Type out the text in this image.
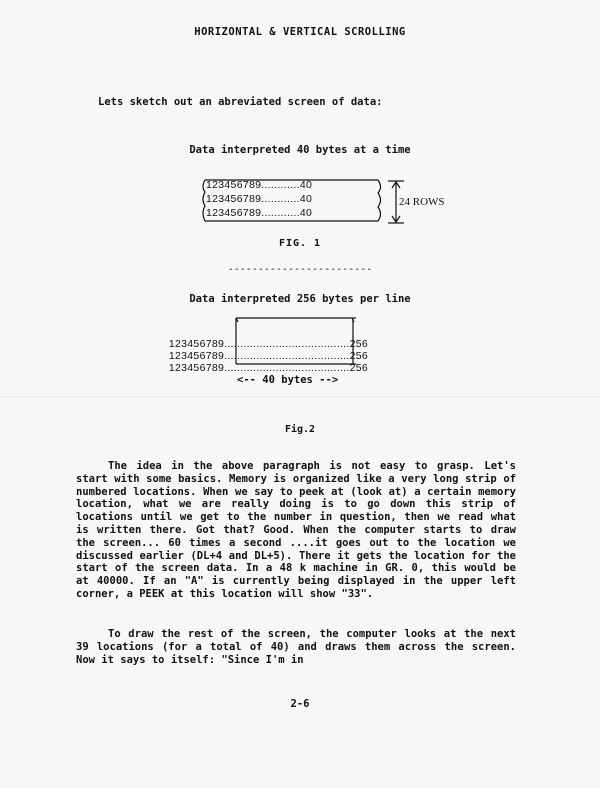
HORIZONTAL & VERTICAL SCROLLING
Lets sketch out an abreviated screen of data:
Data interpreted 40 bytes at a time
123456789............40
123456789............40
123456789............40
24 ROWS
FIG. 1
------------------------
Data interpreted 256 bytes per line

123456789.......................................256

123456789.......................................256

123456789.......................................256

<-- 40 bytes -->
Fig.2

The idea in the above paragraph is not easy to grasp. Let's start with some basics. Memory is organized like a very long strip of numbered locations. When we say to peek at (look at) a certain memory location, what we are really doing is to go down this strip of locations until we get to the number in question, then we read what is written there. Got that? Good. When the computer starts to draw the screen... 60 times a second ....it goes out to the location we discussed earlier (DL+4 and DL+5). There it gets the location for the start of the screen data. In a 48 k machine in GR. 0, this would be at 40000. If an "A" is currently being displayed in the upper left corner, a PEEK at this location will show "33".

To draw the rest of the screen, the computer looks at the next 39 locations (for a total of 40) and draws them across the screen. Now it says to itself: "Since I'm in

2-6
